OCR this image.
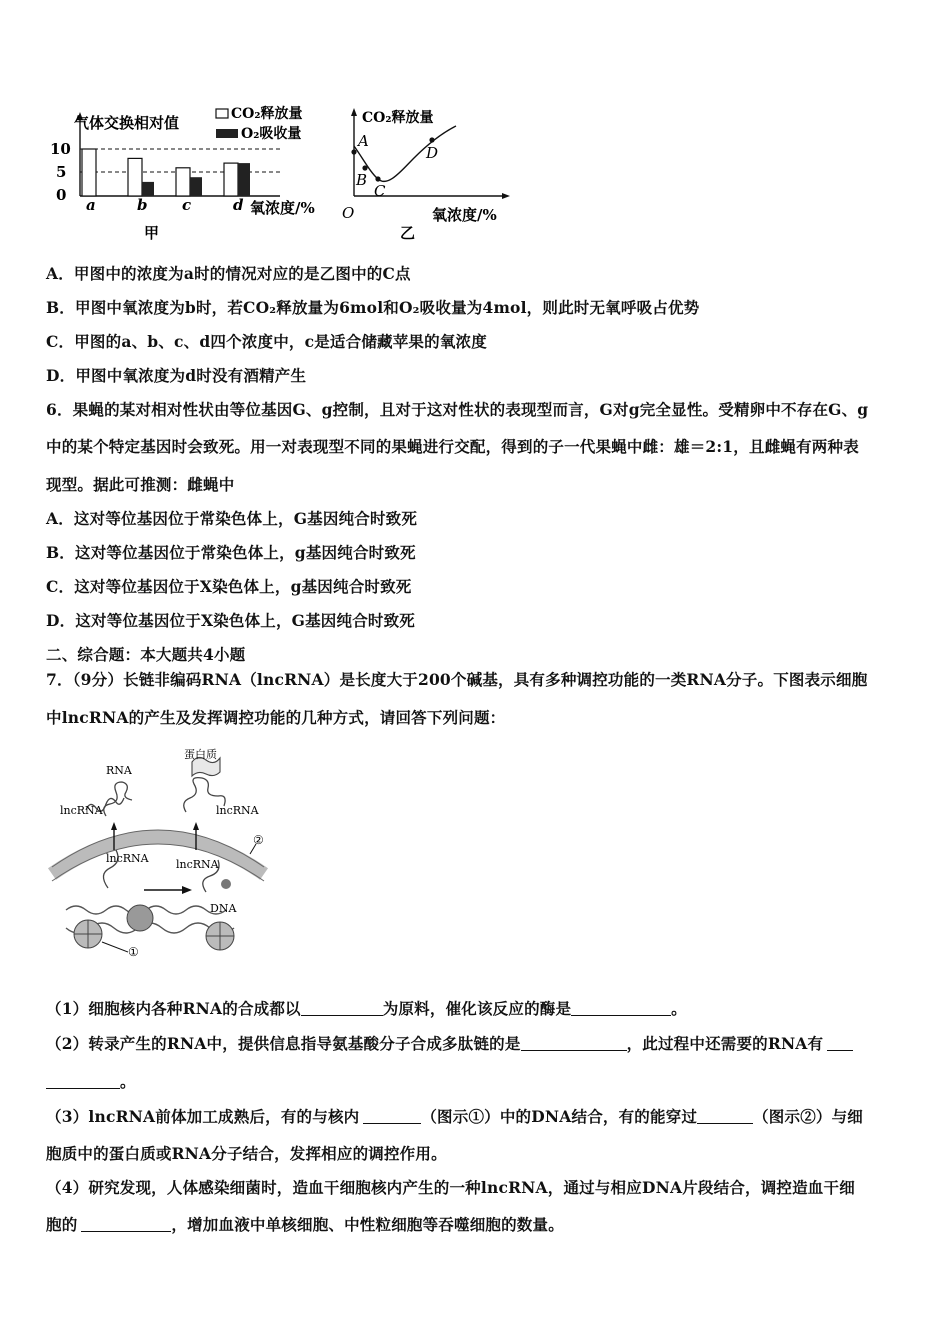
气体交换相对值	CO₂释放量
O₂吸收量
10
5
0
a	b c	d 氧浓度/%
甲
CO₂释放量
A
B
C
D
O	氧浓度/%
乙
A．甲图中的浓度为a时的情况对应的是乙图中的C点
B．甲图中氧浓度为b时，若CO₂释放量为6mol和O₂吸收量为4mol，则此时无氧呼吸占优势
C．甲图的a、b、c、d四个浓度中，c是适合储藏苹果的氧浓度
D．甲图中氧浓度为d时没有酒精产生
6．果蝇的某对相对性状由等位基因G、g控制，且对于这对性状的表现型而言，G对g完全显性。受精卵中不存在G、g
中的某个特定基因时会致死。用一对表现型不同的果蝇进行交配，得到的子一代果蝇中雌：雄＝2:1，且雌蝇有两种表
现型。据此可推测：雌蝇中
A．这对等位基因位于常染色体上，G基因纯合时致死
B．这对等位基因位于常染色体上，g基因纯合时致死
C．这对等位基因位于X染色体上，g基因纯合时致死
D．这对等位基因位于X染色体上，G基因纯合时致死
二、综合题：本大题共4小题
7．（9分）长链非编码RNA（lncRNA）是长度大于200个碱基，具有多种调控功能的一类RNA分子。下图表示细胞
中lncRNA的产生及发挥调控功能的几种方式，请回答下列问题：
RNA
蛋白质
lncRNA	lncRNA
lncRNA lncRNA
DNA
①
②
（1）细胞核内各种RNA的合成都以	为原料，催化该反应的酶是	。
（2）转录产生的RNA中，提供信息指导氨基酸分子合成多肽链的是	，此过程中还需要的RNA有
。
（3）lncRNA前体加工成熟后，有的与核内	（图示①）中的DNA结合，有的能穿过	（图示②）与细
胞质中的蛋白质或RNA分子结合，发挥相应的调控作用。
（4）研究发现，人体感染细菌时，造血干细胞核内产生的一种lncRNA，通过与相应DNA片段结合，调控造血干细
胞的	，增加血液中单核细胞、中性粒细胞等吞噬细胞的数量。
